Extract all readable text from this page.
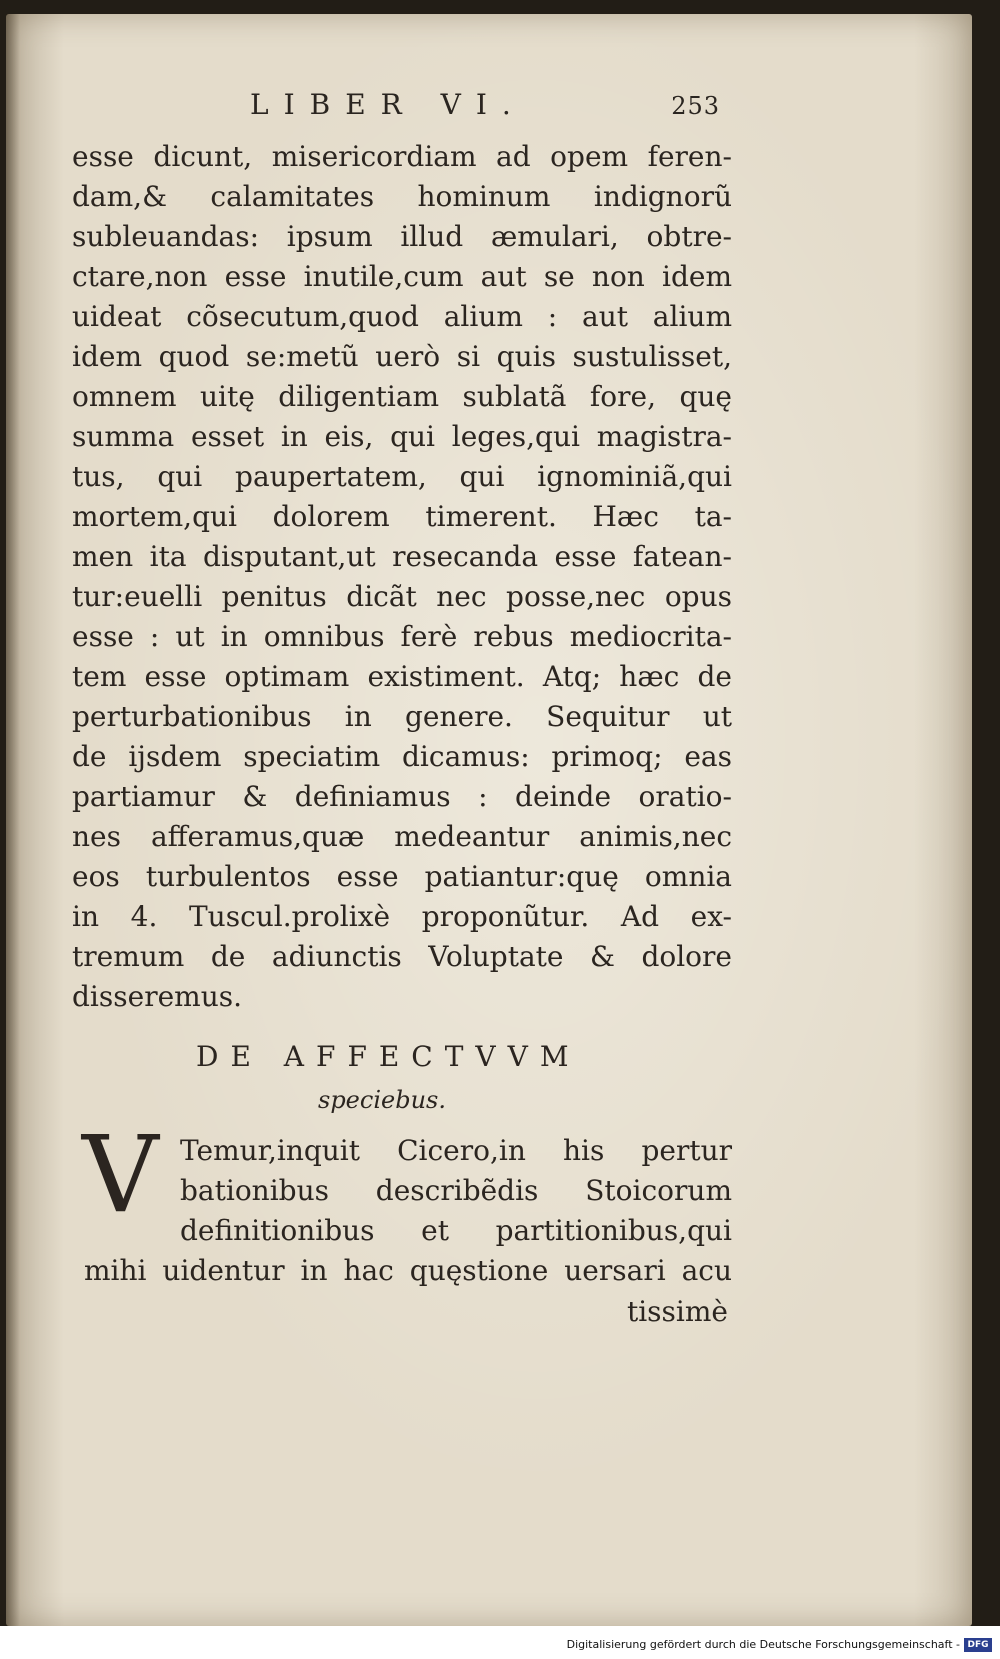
LIBER VI.	253
esse dicunt, misericordiam ad opem feren-
dam,& calamitates hominum indignorũ
subleuandas: ipsum illud æmulari, obtre-
ctare,non esse inutile,cum aut se non idem
uideat cõsecutum,quod alium : aut alium
idem quod se:metũ uerò si quis sustulisset,
omnem uitę diligentiam sublatã fore, quę
summa esset in eis, qui leges,qui magistra-
tus, qui paupertatem, qui ignominiã,qui
mortem,qui dolorem timerent. Hæc ta-
men ita disputant,ut resecanda esse fatean-
tur:euelli penitus dicãt nec posse,nec opus
esse : ut in omnibus ferè rebus mediocrita-
tem esse optimam existiment. Atq; hæc de
perturbationibus in genere. Sequitur ut
de ijsdem speciatim dicamus: primoq; eas
partiamur & definiamus : deinde oratio-
nes afferamus,quæ medeantur animis,nec
eos turbulentos esse patiantur:quę omnia
in 4. Tuscul.prolixè proponũtur. Ad ex-
tremum de adiunctis Voluptate & dolore
disseremus.
DE AFFECTVVM
speciebus.
V Temur,inquit Cicero,in his pertur
bationibus describẽdis Stoicorum
definitionibus et partitionibus,qui
mihi uidentur in hac quęstione uersari acu
tissimè
Digitalisierung gefördert durch die Deutsche Forschungsgemeinschaft - DFG
